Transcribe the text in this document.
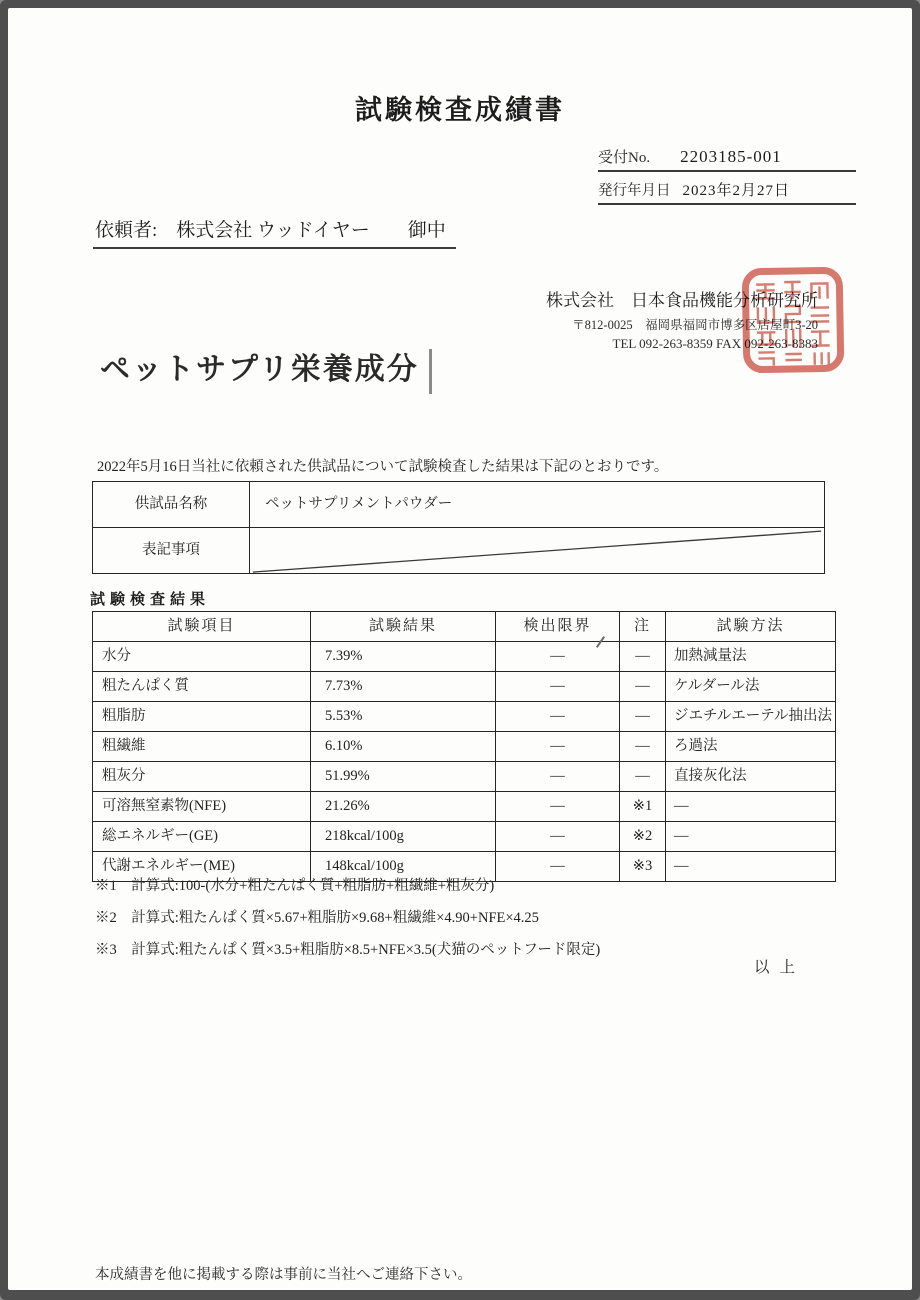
試験検査成績書
受付No. 2203185-001
発行年月日 2023年2月27日
依頼者:　株式会社 ウッドイヤー　　御中
株式会社　日本食品機能分析研究所
〒812-0025　福岡県福岡市博多区店屋町3-20
TEL 092-263-8359 FAX 092-263-8383
ペットサプリ栄養成分
2022年5月16日当社に依頼された供試品について試験検査した結果は下記のとおりです。
供試品名称	ペットサプリメントパウダー
表記事項	
試験検査結果
試験項目	試験結果	検出限界	注	試験方法
水分	7.39%	―	―	加熱減量法
粗たんぱく質	7.73%	―	―	ケルダール法
粗脂肪	5.53%	―	―	ジエチルエーテル抽出法
粗繊維	6.10%	―	―	ろ過法
粗灰分	51.99%	―	―	直接灰化法
可溶無窒素物(NFE)	21.26%	―	※1	―
総エネルギー(GE)	218kcal/100g	―	※2	―
代謝エネルギー(ME)	148kcal/100g	―	※3	―
※1　計算式:100-(水分+粗たんぱく質+粗脂肪+粗繊維+粗灰分)
※2　計算式:粗たんぱく質×5.67+粗脂肪×9.68+粗繊維×4.90+NFE×4.25
※3　計算式:粗たんぱく質×3.5+粗脂肪×8.5+NFE×3.5(犬猫のペットフード限定)
以上
本成績書を他に掲載する際は事前に当社へご連絡下さい。
